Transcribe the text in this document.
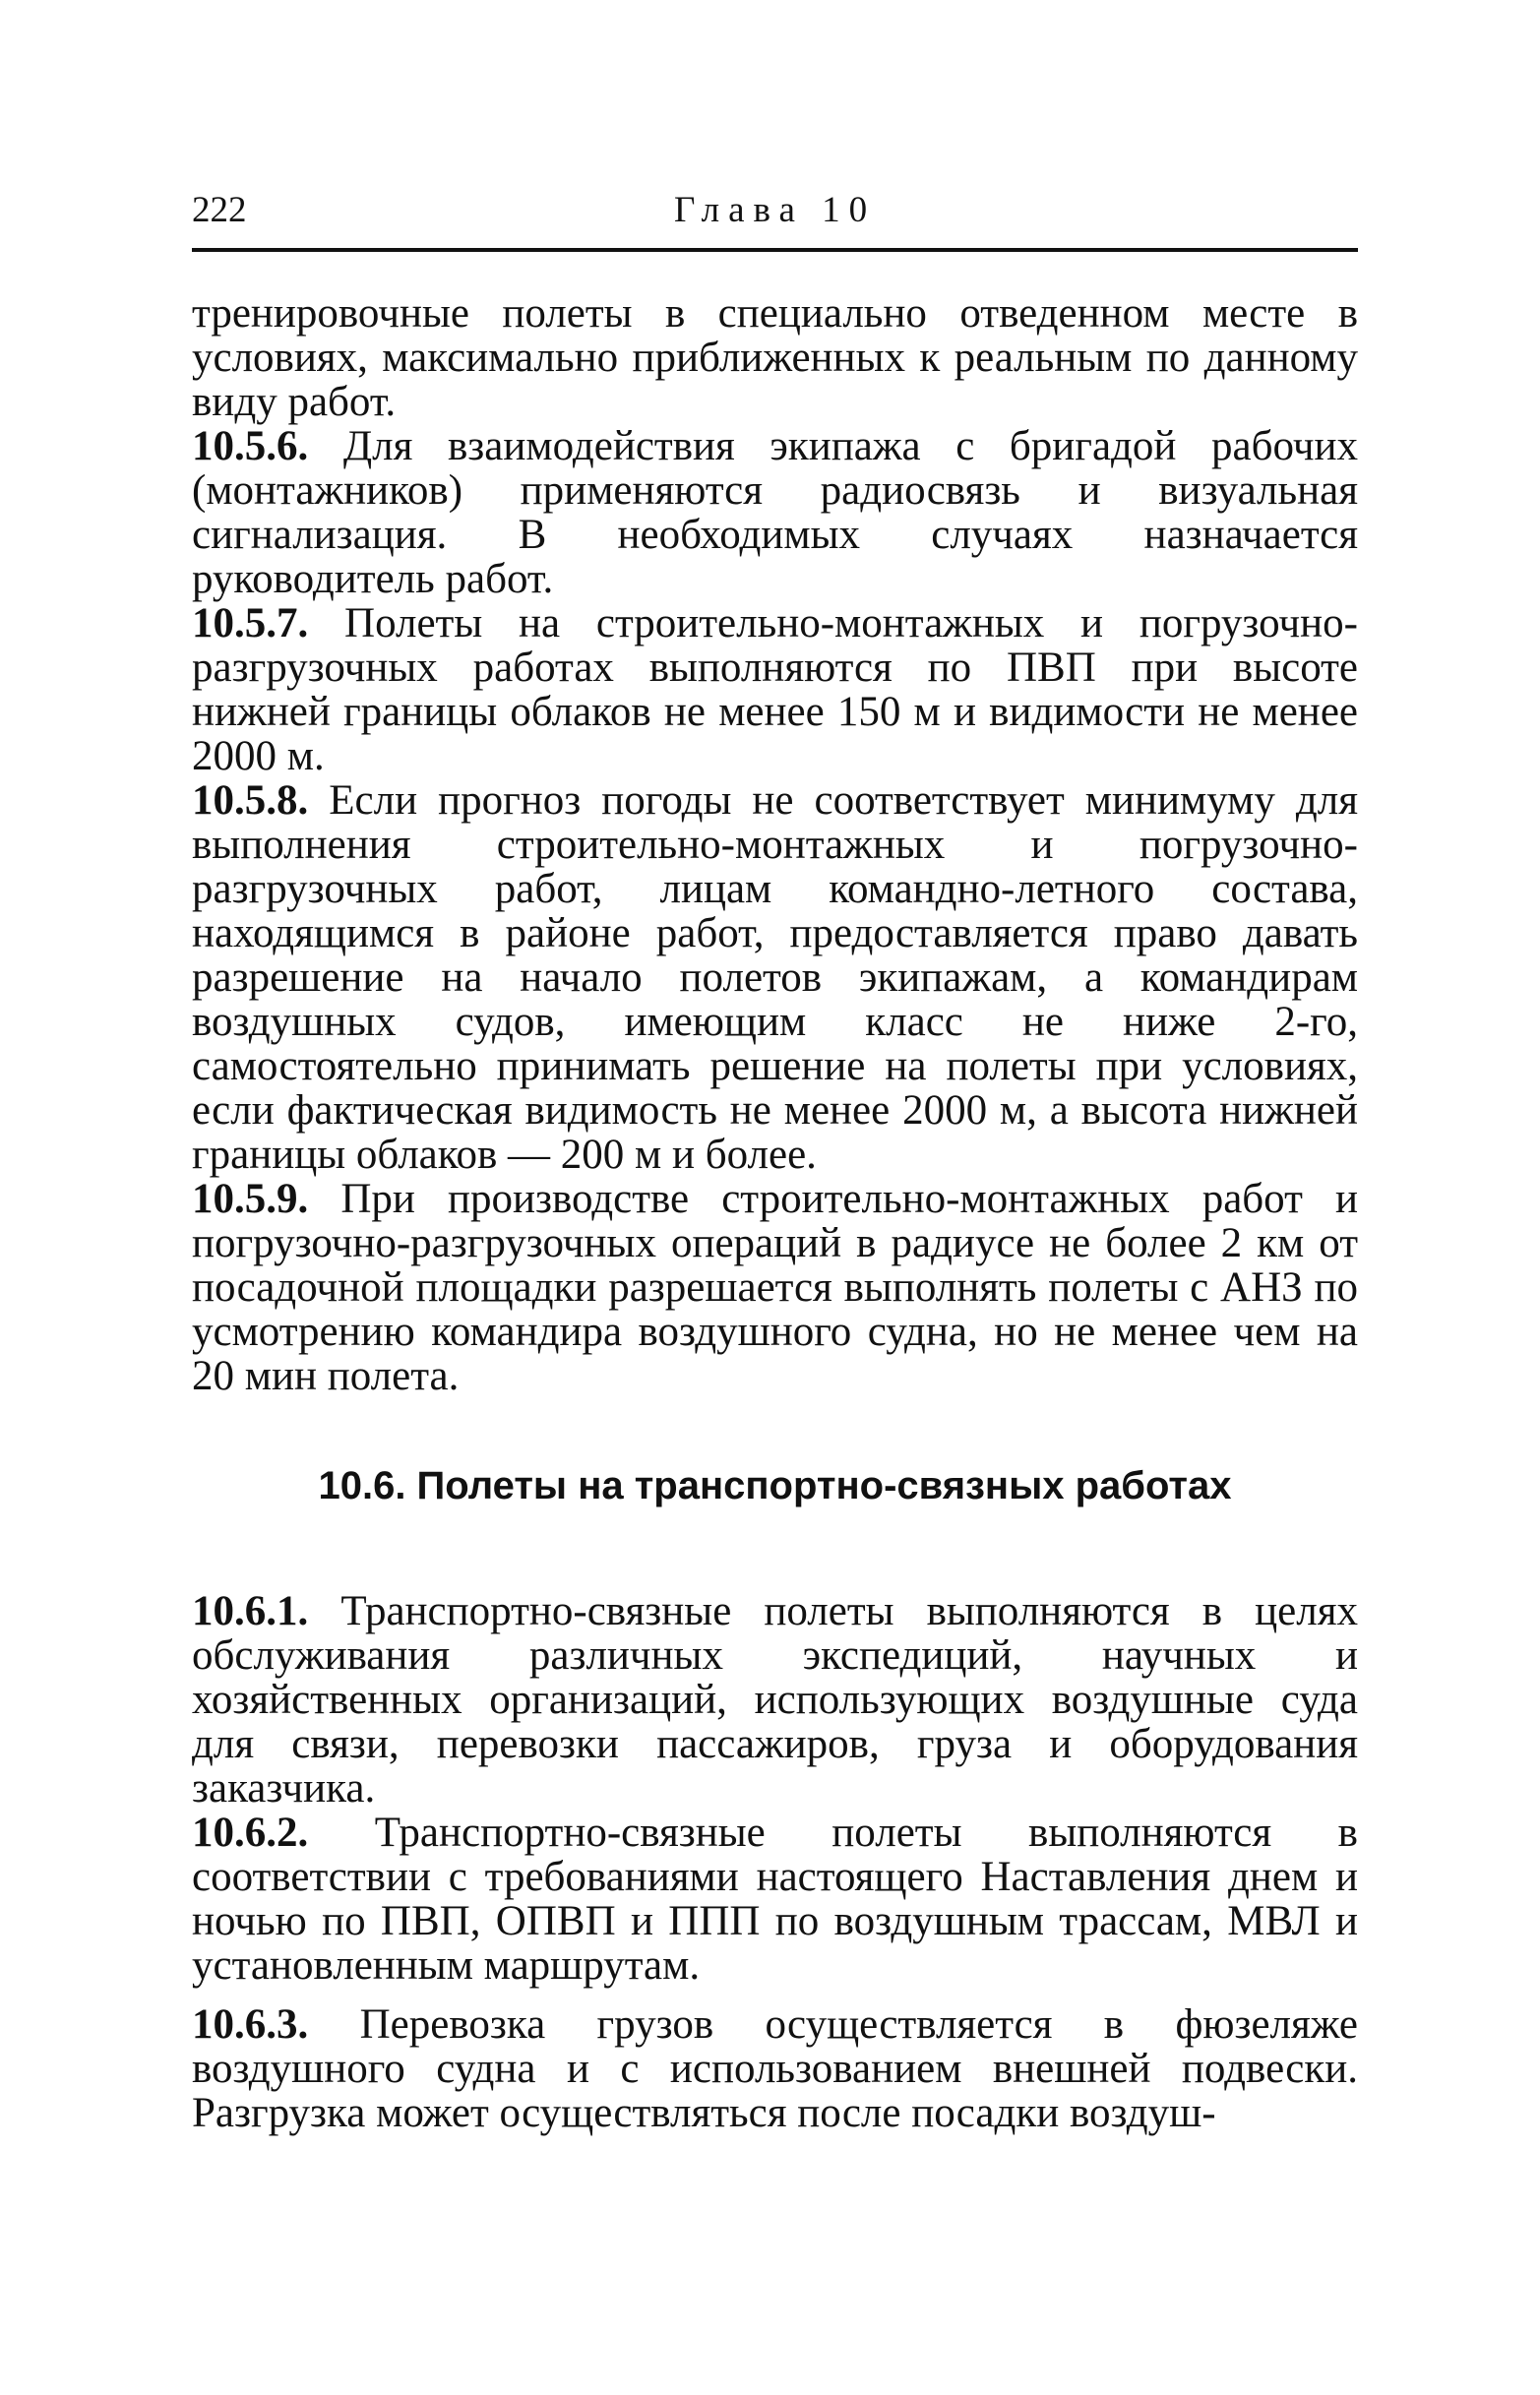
222	Глава 10

тренировочные полеты в специально отведенном месте в условиях, максимально приближенных к реальным по данному виду работ.

10.5.6. Для взаимодействия экипажа с бригадой рабочих (монтажников) применяются радиосвязь и визуальная сигнализация. В необходимых случаях назначается руководитель работ.

10.5.7. Полеты на строительно-монтажных и погрузочно-разгрузочных работах выполняются по ПВП при высоте нижней границы облаков не менее 150 м и видимости не менее 2000 м.

10.5.8. Если прогноз погоды не соответствует минимуму для выполнения строительно-монтажных и погрузочно-разгрузочных работ, лицам командно-летного состава, находящимся в районе работ, предоставляется право давать разрешение на начало полетов экипажам, а командирам воздушных судов, имеющим класс не ниже 2-го, самостоятельно принимать решение на полеты при условиях, если фактическая видимость не менее 2000 м, а высота нижней границы облаков — 200 м и более.

10.5.9. При производстве строительно-монтажных работ и погрузочно-разгрузочных операций в радиусе не более 2 км от посадочной площадки разрешается выполнять полеты с АНЗ по усмотрению командира воздушного судна, но не менее чем на 20 мин полета.

10.6. Полеты на транспортно-связных работах

10.6.1. Транспортно-связные полеты выполняются в целях обслуживания различных экспедиций, научных и хозяйственных организаций, использующих воздушные суда для связи, перевозки пассажиров, груза и оборудования заказчика.

10.6.2. Транспортно-связные полеты выполняются в соответствии с требованиями настоящего Наставления днем и ночью по ПВП, ОПВП и ППП по воздушным трассам, МВЛ и установленным маршрутам.

10.6.3. Перевозка грузов осуществляется в фюзеляже воздушного судна и с использованием внешней подвески. Разгрузка может осуществляться после посадки воздуш-
